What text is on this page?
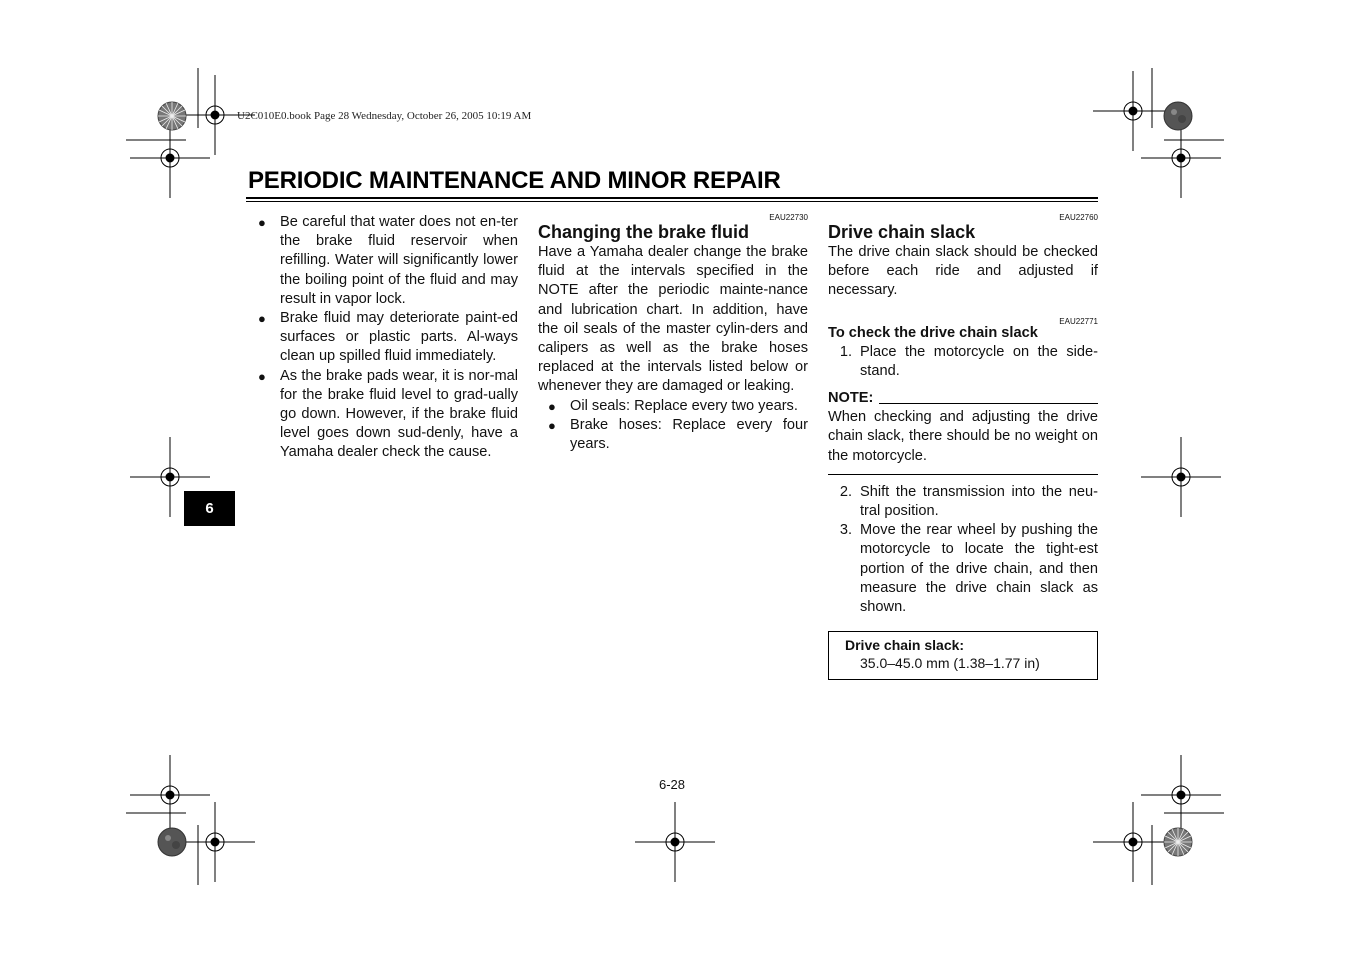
U2C010E0.book Page 28 Wednesday, October 26, 2005 10:19 AM
PERIODIC MAINTENANCE AND MINOR REPAIR
6
● Be careful that water does not en-ter the brake fluid reservoir when refilling. Water will significantly lower the boiling point of the fluid and may result in vapor lock.
● Brake fluid may deteriorate paint-ed surfaces or plastic parts. Al-ways clean up spilled fluid immediately.
● As the brake pads wear, it is nor-mal for the brake fluid level to grad-ually go down. However, if the brake fluid level goes down sud-denly, have a Yamaha dealer check the cause.
EAU22730
Changing the brake fluid
Have a Yamaha dealer change the brake fluid at the intervals specified in the NOTE after the periodic mainte-nance and lubrication chart. In addition, have the oil seals of the master cylin-ders and calipers as well as the brake hoses replaced at the intervals listed below or whenever they are damaged or leaking.
● Oil seals: Replace every two years.
● Brake hoses: Replace every four years.
EAU22760
Drive chain slack
The drive chain slack should be checked before each ride and adjusted if necessary.
EAU22771
To check the drive chain slack
1. Place the motorcycle on the side-stand.
NOTE:
When checking and adjusting the drive chain slack, there should be no weight on the motorcycle.
2. Shift the transmission into the neu-tral position.
3. Move the rear wheel by pushing the motorcycle to locate the tight-est portion of the drive chain, and then measure the drive chain slack as shown.
Drive chain slack:
35.0–45.0 mm (1.38–1.77 in)
6-28
